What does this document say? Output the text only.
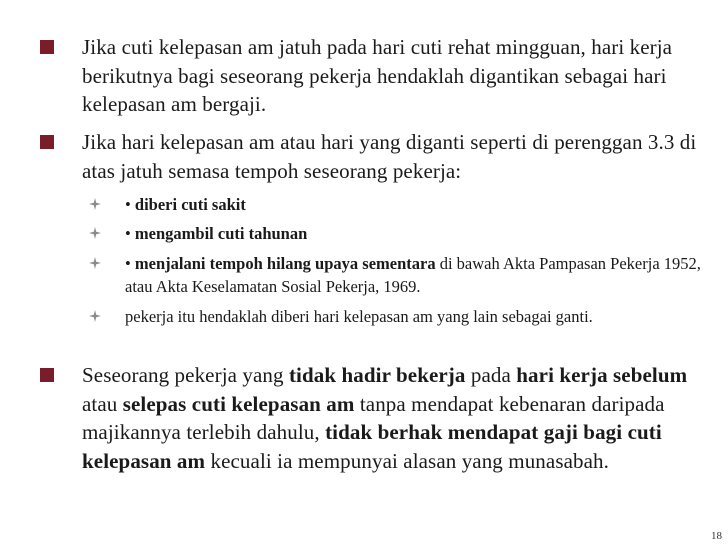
Jika cuti kelepasan am jatuh pada hari cuti rehat mingguan, hari kerja berikutnya bagi seseorang pekerja hendaklah digantikan sebagai hari kelepasan am bergaji.
Jika hari kelepasan am atau hari yang diganti seperti di perenggan 3.3 di atas jatuh semasa tempoh seseorang pekerja:
• diberi cuti sakit
• mengambil cuti tahunan
• menjalani tempoh hilang upaya sementara di bawah Akta Pampasan Pekerja 1952, atau Akta Keselamatan Sosial Pekerja, 1969.
pekerja itu hendaklah diberi hari kelepasan am yang lain sebagai ganti.
Seseorang pekerja yang tidak hadir bekerja pada hari kerja sebelum atau selepas cuti kelepasan am tanpa mendapat kebenaran daripada majikannya terlebih dahulu, tidak berhak mendapat gaji bagi cuti kelepasan am kecuali ia mempunyai alasan yang munasabah.
18
